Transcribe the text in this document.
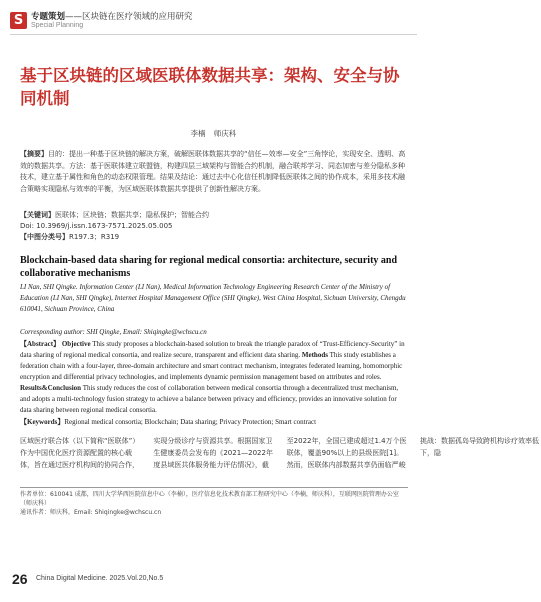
S 专题策划——区块链在医疗领域的应用研究
Special Planning
基于区块链的区域医联体数据共享：架构、安全与协同机制
李楠 师庆科
【摘要】目的：提出一种基于区块链的解决方案，破解医联体数据共享的“信任—效率—安全”三角悖论，实现安全、透明、高效的数据共享。方法：基于医联体建立联盟链，构建四层三域架构与智能合约机制，融合联邦学习、同态加密与差分隐私多种技术，建立基于属性和角色的动态权限管理。结果及结论：通过去中心化信任机制降低医联体之间的协作成本，采用多技术融合策略实现隐私与效率的平衡，为区域医联体数据共享提供了创新性解决方案。
【关键词】医联体；区块链；数据共享；隐私保护；智能合约
Doi: 10.3969/j.issn.1673-7571.2025.05.005
【中图分类号】R197.3；R319
Blockchain-based data sharing for regional medical consortia: architecture, security and collaborative mechanisms
LI Nan, SHI Qingke. Information Center (LI Nan), Medical Information Technology Engineering Research Center of the Ministry of Education (LI Nan, SHI Qingke), Internet Hospital Management Office (SHI Qingke), West China Hospital, Sichuan University, Chengdu 610041, Sichuan Province, China
Corresponding author: SHI Qingke, Email: Shiqingke@wchscu.cn
【Abstract】 Objective This study proposes a blockchain-based solution to break the triangle paradox of “Trust-Efficiency-Security” in data sharing of regional medical consortia, and realize secure, transparent and efficient data sharing. Methods This study establishes a federation chain with a four-layer, three-domain architecture and smart contract mechanism, integrates federated learning, homomorphic encryption and differential privacy technologies, and implements dynamic permission management based on attributes and roles. Results&Conclusion This study reduces the cost of collaboration between medical consortia through a decentralized trust mechanism, and adopts a multi-technology fusion strategy to achieve a balance between privacy and efficiency, provides an innovative solution for data sharing between regional medical consortia.
【Keywords】Regional medical consortia; Blockchain; Data sharing; Privacy Protection; Smart contract
区域医疗联合体（以下简称“医联体”）作为中国优化医疗资源配置的核心载体，旨在通过医疗机构间的协同合作，实现分级诊疗与资源共享。根据国家卫生健康委员会发布的《2021—2022年度县域医共体服务能力评估情况》，截至2022年，全国已建成超过1.4万个医联体，覆盖90%以上的县级医院[1]。然而，医联体内部数据共享仍面临严峻挑战：数据孤岛导致跨机构诊疗效率低下，隐
作者单位：610041 成都，四川大学华西医院信息中心（李楠），医疗信息化技术教育部工程研究中心（李楠，师庆科），互联网医院管理办公室（师庆科）
通讯作者：师庆科，Email: Shiqingke@wchscu.cn
26 China Digital Medicine. 2025.Vol.20,No.5
